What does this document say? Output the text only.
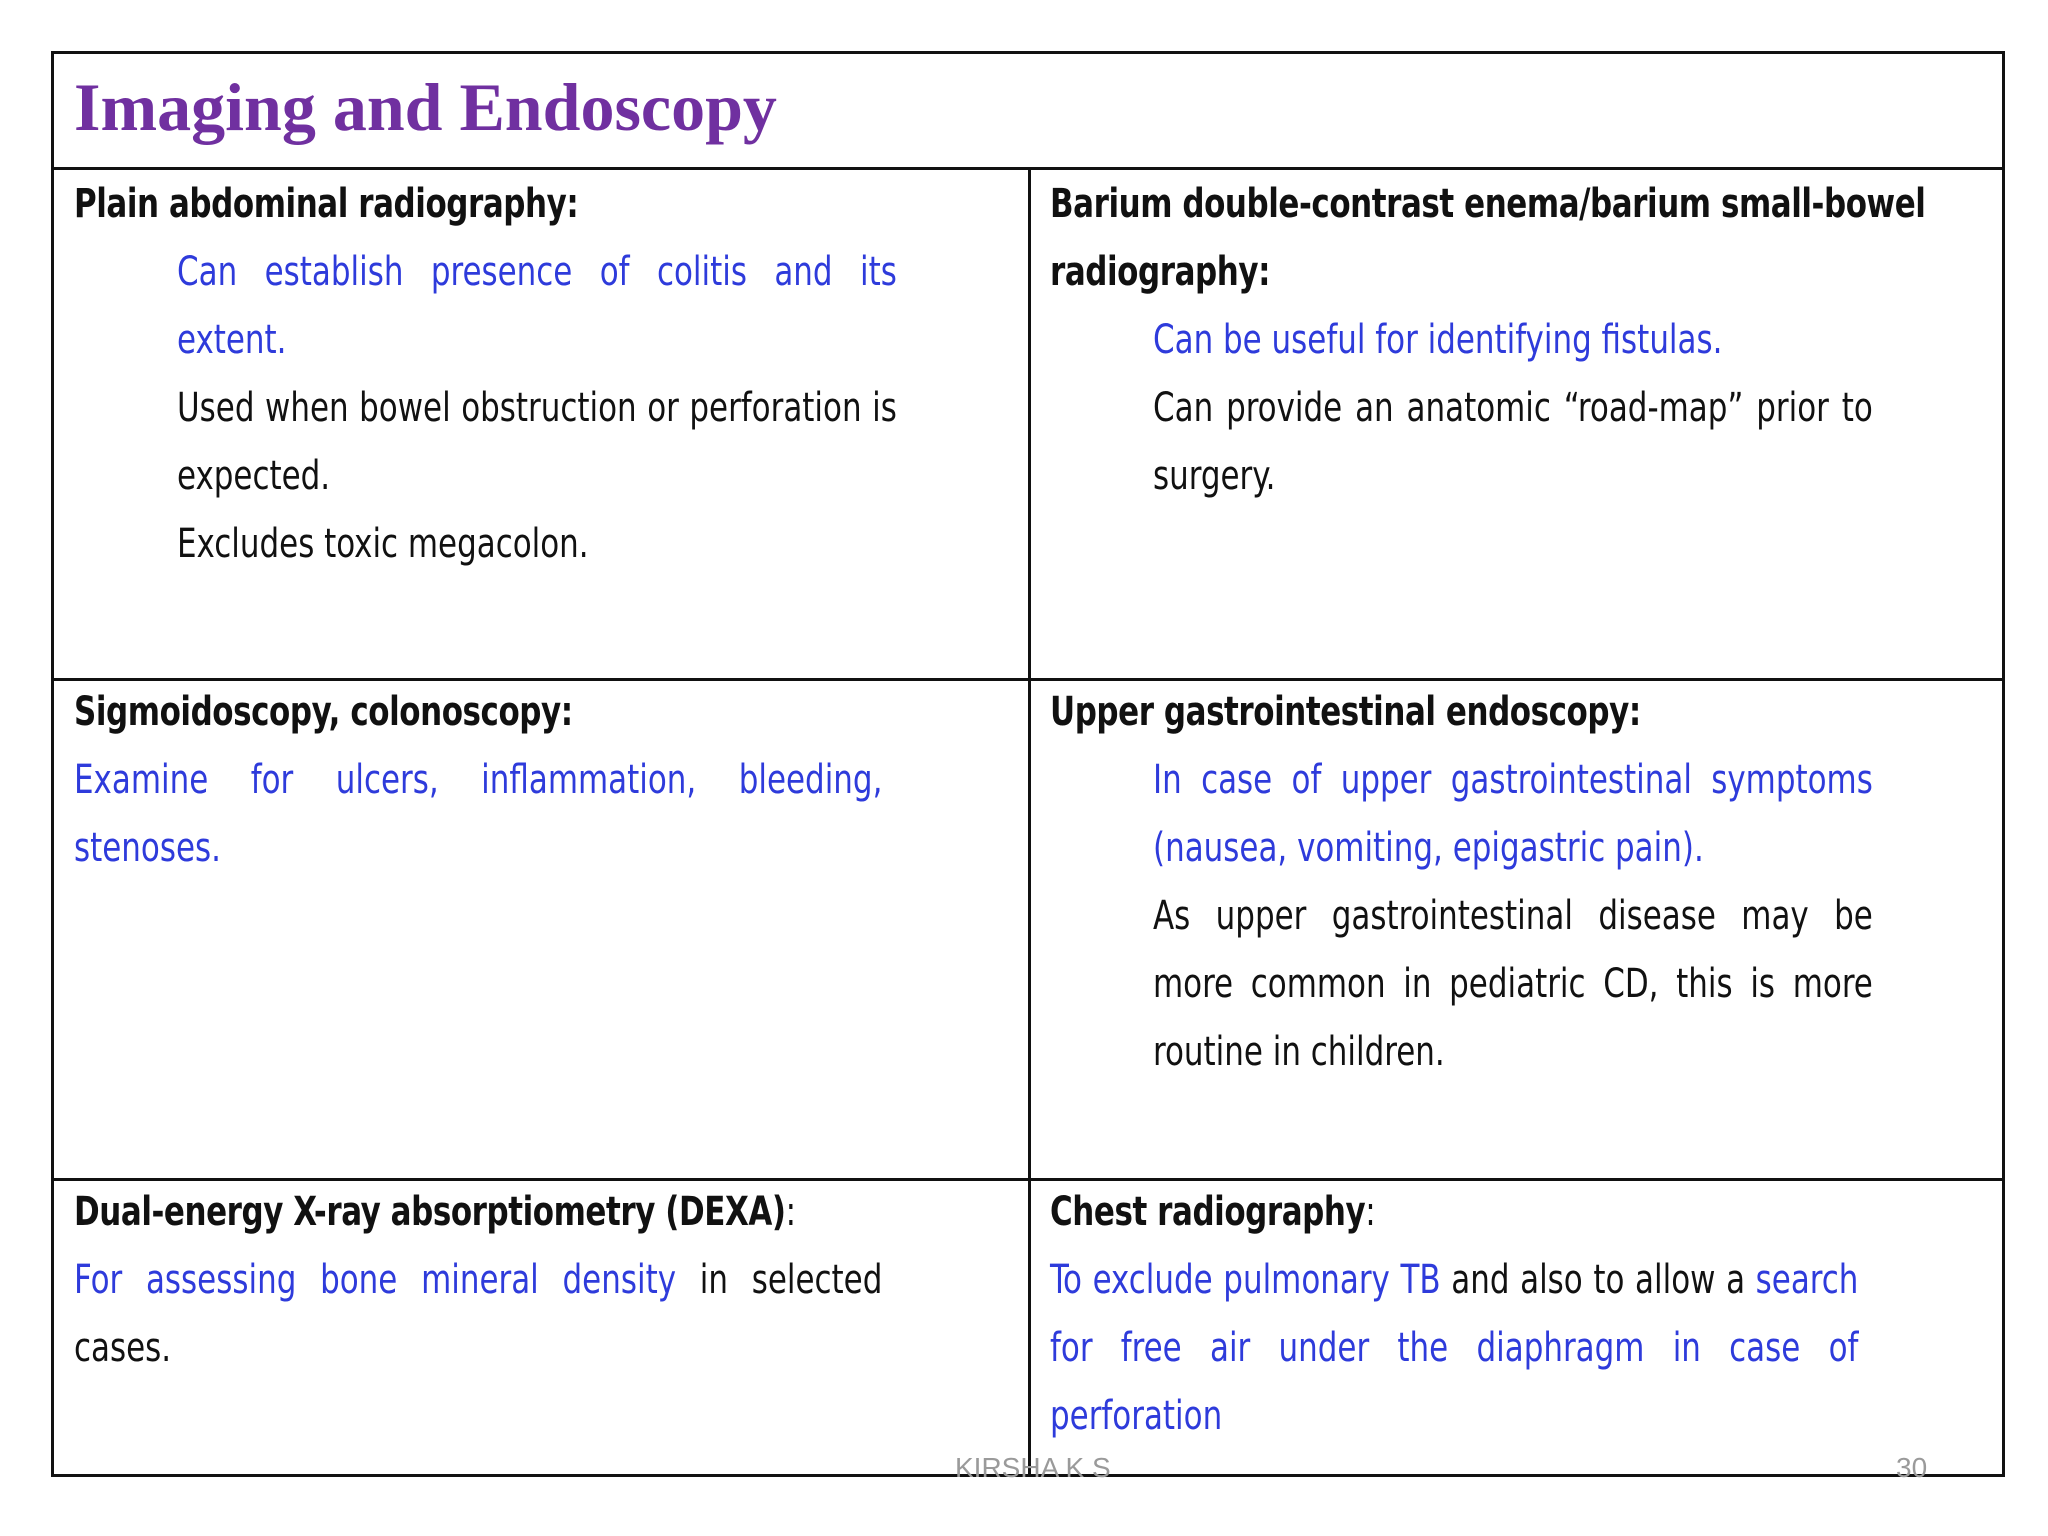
Imaging and Endoscopy
Plain abdominal radiography:

Can establish presence of colitis and its extent.

Used when bowel obstruction or perforation is expected.

Excludes toxic megacolon.

Barium double-contrast enema/barium small-bowel radiography:

Can be useful for identifying fistulas.

Can provide an anatomic “road-map” prior to surgery.

Sigmoidoscopy, colonoscopy:

Examine for ulcers, inflammation, bleeding, stenoses.

Upper gastrointestinal endoscopy:

In case of upper gastrointestinal symptoms (nausea, vomiting, epigastric pain).

As upper gastrointestinal disease may be more common in pediatric CD, this is more routine in children.

Dual-energy X-ray absorptiometry (DEXA):

For assessing bone mineral density in selected cases.

Chest radiography:

To exclude pulmonary TB and also to allow a search for free air under the diaphragm in case of perforation

KIRSHA K S	30
